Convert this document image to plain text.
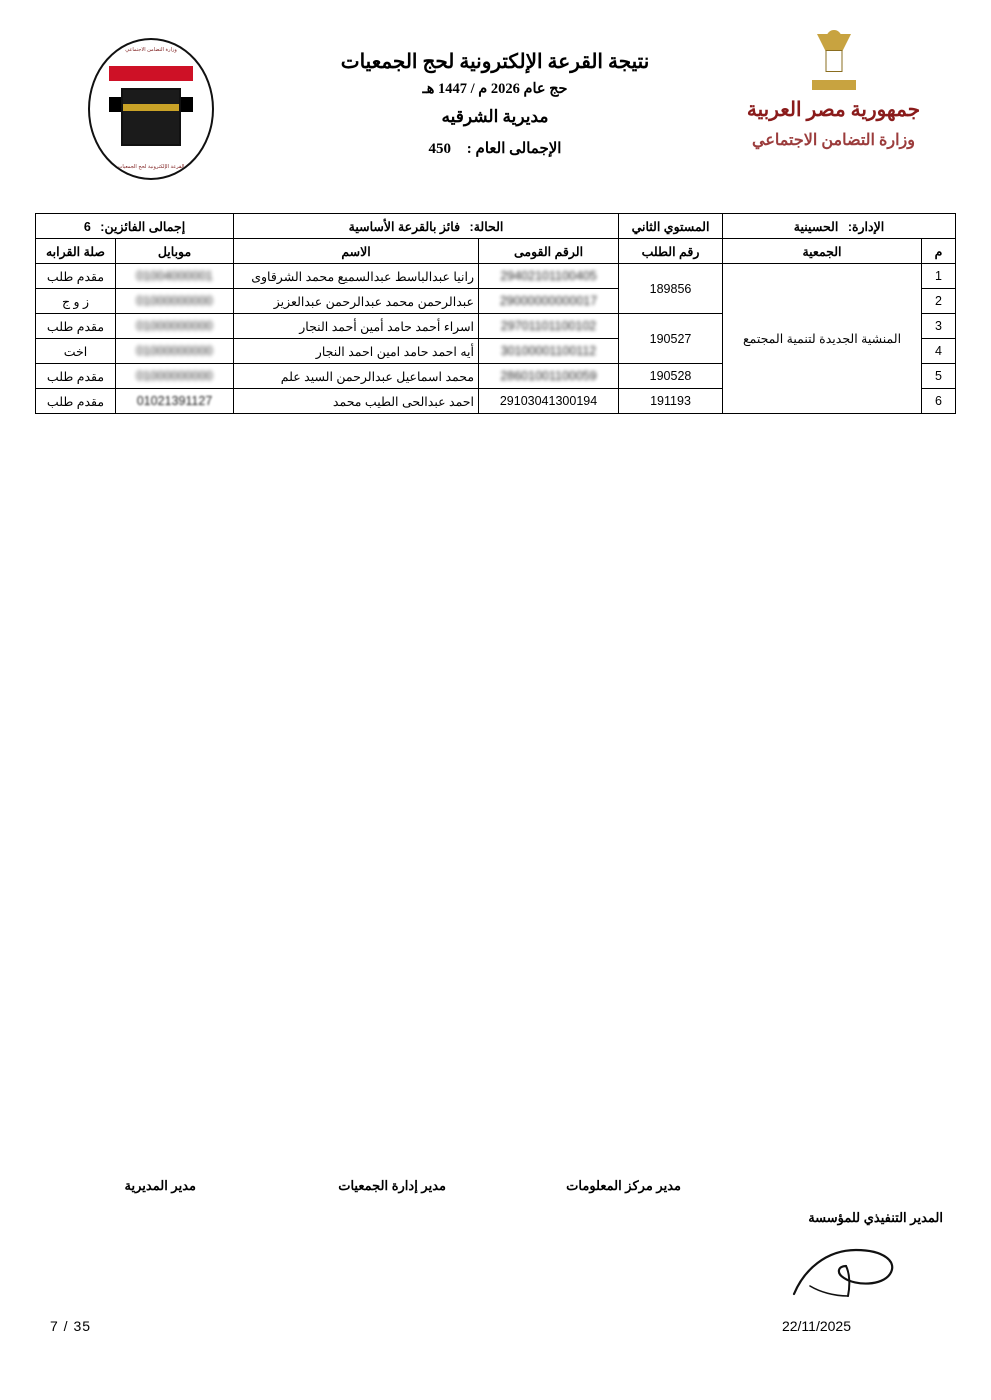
وزارة التضامن الاجتماعي
القرعة الإلكترونية لحج الجمعيات
نتيجة القرعة الإلكترونية لحج الجمعيات
حج عام 2026 م / 1447 هـ
مديرية الشرقيه
الإجمالى العام : 450
جمهورية مصر العربية
وزارة التضامن الاجتماعي
الإدارة: الحسينية		المستوي الثاني	الحالة: فائز بالقرعة الأساسية		إجمالى الفائزين: 6	
م	الجمعية	رقم الطلب	الرقم القومى	الاسم	موبايل	صلة القرابه
1	المنشية الجديدة لتنمية المجتمع	189856	29402101100405	رانيا عبدالباسط عبدالسميع محمد الشرقاوى	01004000001	مقدم طلب
2			29000000000017	عبدالرحمن محمد عبدالرحمن عبدالعزيز	01000000000	ز و ج
3		190527	29701101100102	اسراء أحمد حامد أمين أحمد النجار	01000000000	مقدم طلب
4			30100001100112	أيه احمد حامد امين احمد النجار	01000000000	اخت
5		190528	28601001100059	محمد اسماعيل عبدالرحمن السيد علم	01000000000	مقدم طلب
6		191193	29103041300194	احمد عبدالحى الطيب محمد	01021391127	مقدم طلب
مدير المديرية	مدير إدارة الجمعيات	مدير مركز المعلومات
المدير التنفيذي للمؤسسة
7 / 35	22/11/2025
